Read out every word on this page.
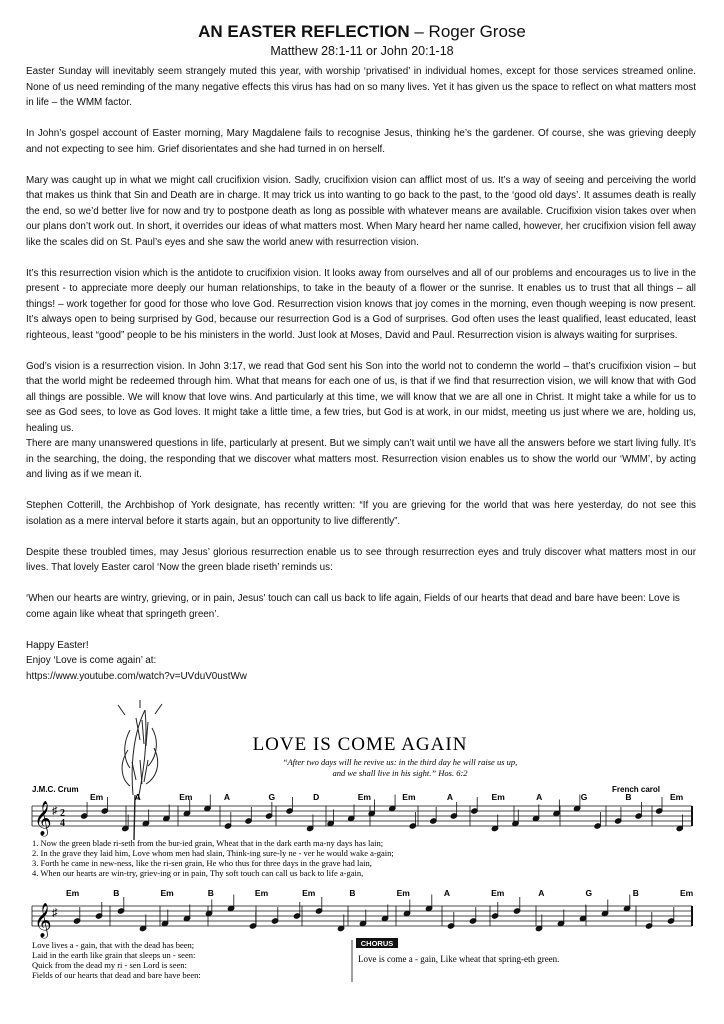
AN EASTER REFLECTION – Roger Grose
Matthew 28:1-11 or John 20:1-18

Easter Sunday will inevitably seem strangely muted this year, with worship ‘privatised’ in individual homes, except for those services streamed online. None of us need reminding of the many negative effects this virus has had on so many lives. Yet it has given us the space to reflect on what matters most in life – the WMM factor.

In John’s gospel account of Easter morning, Mary Magdalene fails to recognise Jesus, thinking he’s the gardener. Of course, she was grieving deeply and not expecting to see him. Grief disorientates and she had turned in on herself.

Mary was caught up in what we might call crucifixion vision. Sadly, crucifixion vision can afflict most of us. It’s a way of seeing and perceiving the world that makes us think that Sin and Death are in charge. It may trick us into wanting to go back to the past, to the ‘good old days’. It assumes death is really the end, so we’d better live for now and try to postpone death as long as possible with whatever means are available. Crucifixion vision takes over when our plans don’t work out. In short, it overrides our ideas of what matters most. When Mary heard her name called, however, her crucifixion vision fell away like the scales did on St. Paul’s eyes and she saw the world anew with resurrection vision.

It’s this resurrection vision which is the antidote to crucifixion vision. It looks away from ourselves and all of our problems and encourages us to live in the present - to appreciate more deeply our human relationships, to take in the beauty of a flower or the sunrise. It enables us to trust that all things – all things! – work together for good for those who love God. Resurrection vision knows that joy comes in the morning, even though weeping is now present. It’s always open to being surprised by God, because our resurrection God is a God of surprises. God often uses the least qualified, least educated, least righteous, least “good” people to be his ministers in the world. Just look at Moses, David and Paul. Resurrection vision is always waiting for surprises.

God’s vision is a resurrection vision. In John 3:17, we read that God sent his Son into the world not to condemn the world – that’s crucifixion vision – but that the world might be redeemed through him. What that means for each one of us, is that if we find that resurrection vision, we will know that with God all things are possible. We will know that love wins. And particularly at this time, we will know that we are all one in Christ. It might take a while for us to see as God sees, to love as God loves. It might take a little time, a few tries, but God is at work, in our midst, meeting us just where we are, holding us, healing us.

There are many unanswered questions in life, particularly at present. But we simply can’t wait until we have all the answers before we start living fully. It’s in the searching, the doing, the responding that we discover what matters most. Resurrection vision enables us to show the world our ‘WMM’, by acting and living as if we mean it.

Stephen Cotterill, the Archbishop of York designate, has recently written: “If you are grieving for the world that was here yesterday, do not see this isolation as a mere interval before it starts again, but an opportunity to live differently”.

Despite these troubled times, may Jesus’ glorious resurrection enable us to see through resurrection eyes and truly discover what matters most in our lives. That lovely Easter carol ‘Now the green blade riseth’ reminds us:

‘When our hearts are wintry, grieving, or in pain, Jesus' touch can call us back to life again, Fields of our hearts that dead and bare have been: Love is come again like wheat that springeth green’.

Happy Easter!
Enjoy ‘Love is come again’ at:
https://www.youtube.com/watch?v=UVduV0ustWw

LOVE IS COME AGAIN
“After two days will he revive us: in the third day he will raise us up,
and we shall live in his sight.” Hos. 6:2
J.M.C. Crum	French carol
Em	A	Em	A	G	D	Em	Em	A	Em	A	G	B	Em
𝄞 ♯ 2
4
1. Now the green blade ri-seth from the bur-ied grain, Wheat that in the dark earth ma-ny days has lain;
2. In the grave they laid him, Love whom men had slain, Think-ing sure-ly ne - ver he would wake a-gain;
3. Forth he came in new-ness, like the ri-sen grain, He who thus for three days in the grave had lain,
4. When our hearts are win-try, griev-ing or in pain, Thy soft touch can call us back to life a-gain,
Em	B	Em	B	Em	Em	B	Em	A	Em	A	G	B	Em
𝄞 ♯
Love lives a - gain, that with the dead has been;
Laid in the earth like grain that sleeps un - seen:
Quick from the dead my ri - sen Lord is seen:
Fields of our hearts that dead and bare have been:
CHORUS
Love is come a - gain, Like wheat that spring-eth green.
